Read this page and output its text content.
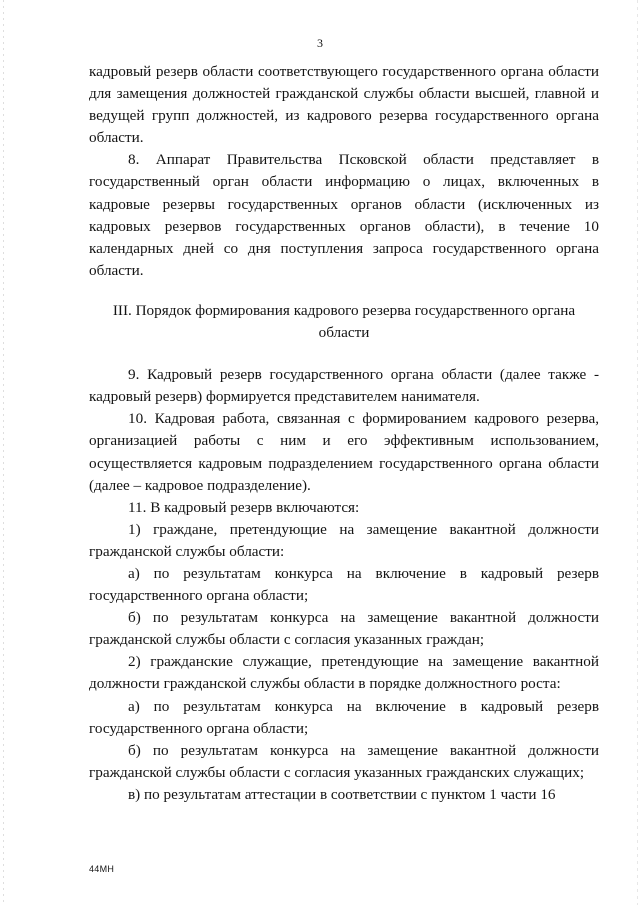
3

кадровый резерв области соответствующего государственного органа области для замещения должностей гражданской службы области высшей, главной и ведущей групп должностей, из кадрового резерва государственного органа области.

8. Аппарат Правительства Псковской области представляет в государственный орган области информацию о лицах, включенных в кадровые резервы государственных органов области (исключенных из кадровых резервов государственных органов области), в течение 10 календарных дней со дня поступления запроса государственного органа области.

III. Порядок формирования кадрового резерва государственного органа
области

9. Кадровый резерв государственного органа области (далее также - кадровый резерв) формируется представителем нанимателя.

10. Кадровая работа, связанная с формированием кадрового резерва, организацией работы с ним и его эффективным использованием, осуществляется кадровым подразделением государственного органа области (далее – кадровое подразделение).

11. В кадровый резерв включаются:

1) граждане, претендующие на замещение вакантной должности гражданской службы области:

а) по результатам конкурса на включение в кадровый резерв государственного органа области;

б) по результатам конкурса на замещение вакантной должности гражданской службы области с согласия указанных граждан;

2) гражданские служащие, претендующие на замещение вакантной должности гражданской службы области в порядке должностного роста:

а) по результатам конкурса на включение в кадровый резерв государственного органа области;

б) по результатам конкурса на замещение вакантной должности гражданской службы области с согласия указанных гражданских служащих;

в) по результатам аттестации в соответствии с пунктом 1 части 16

44МН
